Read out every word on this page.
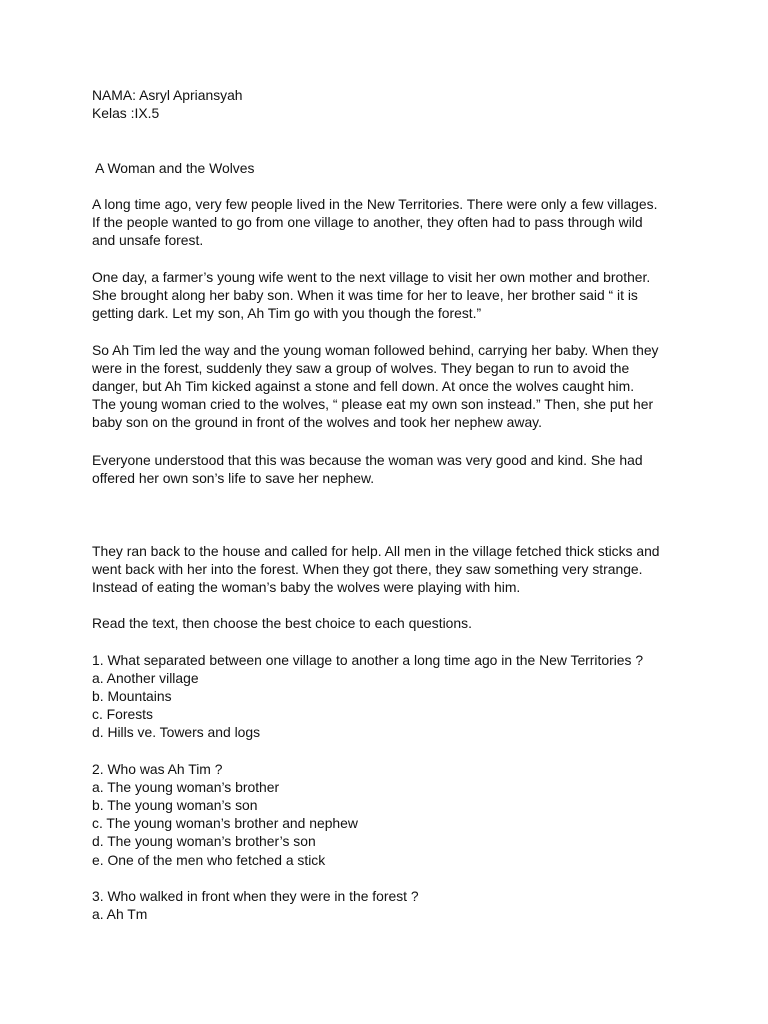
NAMA: Asryl Apriansyah
Kelas :IX.5
A Woman and the Wolves
A long time ago, very few people lived in the New Territories. There were only a few villages.
If the people wanted to go from one village to another, they often had to pass through wild
and unsafe forest.
One day, a farmer’s young wife went to the next village to visit her own mother and brother.
She brought along her baby son. When it was time for her to leave, her brother said “ it is
getting dark. Let my son, Ah Tim go with you though the forest.”
So Ah Tim led the way and the young woman followed behind, carrying her baby. When they
were in the forest, suddenly they saw a group of wolves. They began to run to avoid the
danger, but Ah Tim kicked against a stone and fell down. At once the wolves caught him.
The young woman cried to the wolves, “ please eat my own son instead.” Then, she put her
baby son on the ground in front of the wolves and took her nephew away.
Everyone understood that this was because the woman was very good and kind. She had
offered her own son’s life to save her nephew.
They ran back to the house and called for help. All men in the village fetched thick sticks and
went back with her into the forest. When they got there, they saw something very strange.
Instead of eating the woman’s baby the wolves were playing with him.
Read the text, then choose the best choice to each questions.
1. What separated between one village to another a long time ago in the New Territories ?
a. Another village
b. Mountains
c. Forests
d. Hills ve. Towers and logs
2. Who was Ah Tim ?
a. The young woman’s brother
b. The young woman’s son
c. The young woman’s brother and nephew
d. The young woman’s brother’s son
e. One of the men who fetched a stick
3. Who walked in front when they were in the forest ?
a. Ah Tm
